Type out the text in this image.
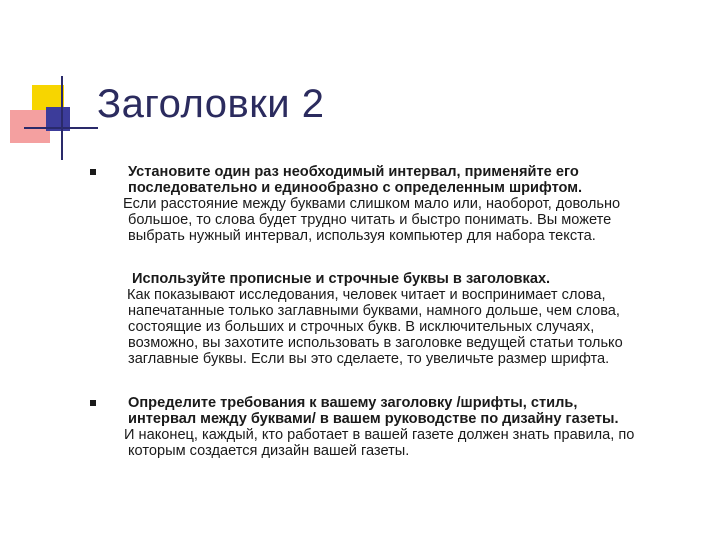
Заголовки 2
Установите один раз необходимый интервал, применяйте его
последовательно и единообразно с определенным шрифтом.
Если расстояние между буквами слишком мало или, наоборот, довольно
большое, то слова будет трудно читать и быстро понимать. Вы можете
выбрать нужный интервал, используя компьютер для набора текста.
Используйте прописные и строчные буквы в заголовках.
Как показывают исследования, человек читает и воспринимает слова,
напечатанные только заглавными буквами, намного дольше, чем слова,
состоящие из больших и строчных букв. В исключительных случаях,
возможно, вы захотите использовать в заголовке ведущей статьи только
заглавные буквы. Если вы это сделаете, то увеличьте размер шрифта.
Определите требования к вашему заголовку /шрифты, стиль,
интервал между буквами/ в вашем руководстве по дизайну газеты.
И наконец, каждый, кто работает в вашей газете должен знать правила, по
которым создается дизайн вашей газеты.
